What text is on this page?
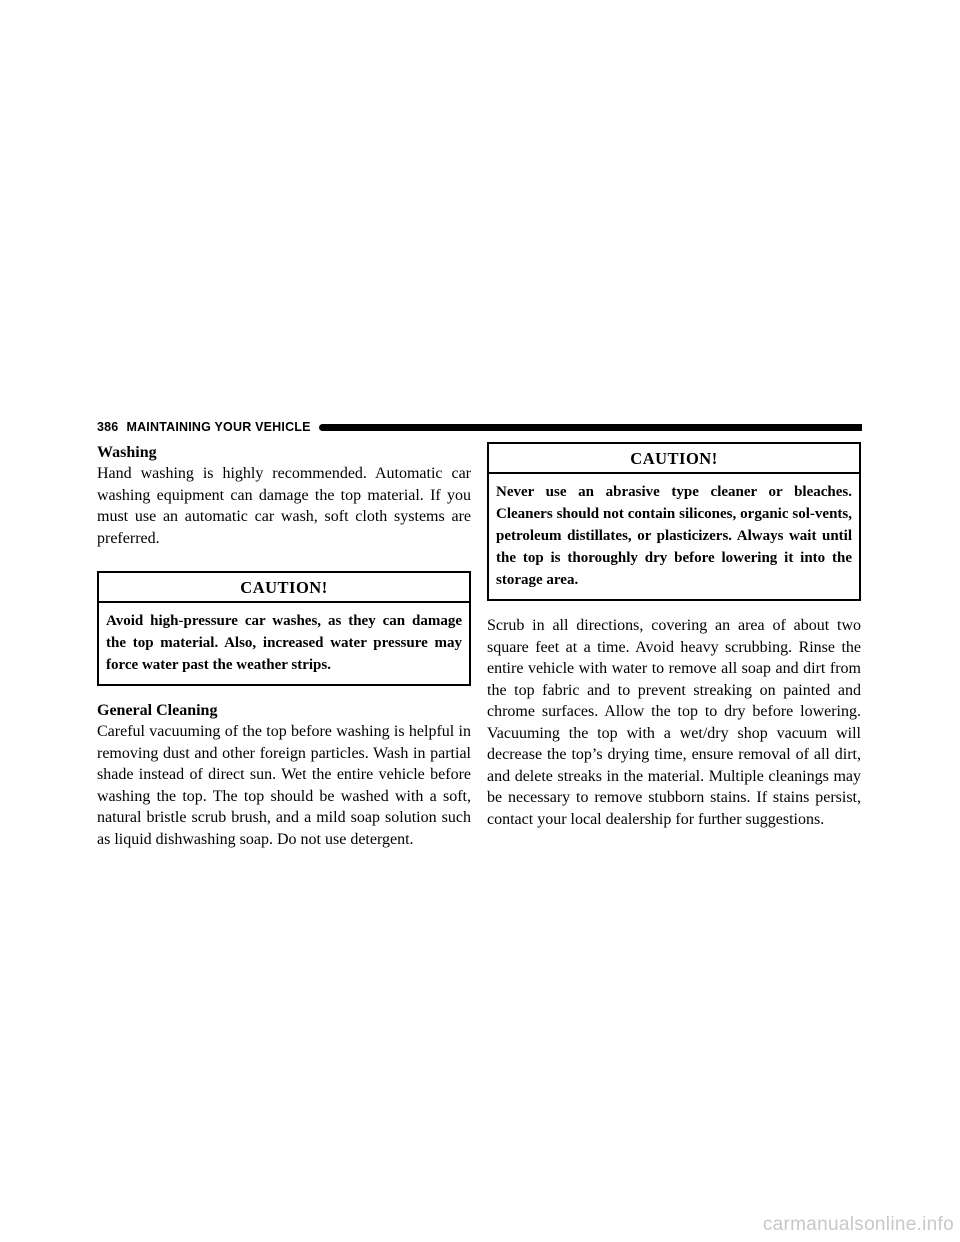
386 MAINTAINING YOUR VEHICLE
Washing

Hand washing is highly recommended. Automatic car washing equipment can damage the top material. If you must use an automatic car wash, soft cloth systems are preferred.

CAUTION!
Avoid high-pressure car washes, as they can damage the top material. Also, increased water pressure may force water past the weather strips.
General Cleaning

Careful vacuuming of the top before washing is helpful in removing dust and other foreign particles. Wash in partial shade instead of direct sun. Wet the entire vehicle before washing the top. The top should be washed with a soft, natural bristle scrub brush, and a mild soap solution such as liquid dishwashing soap. Do not use detergent.

CAUTION!
Never use an abrasive type cleaner or bleaches. Cleaners should not contain silicones, organic sol-vents, petroleum distillates, or plasticizers. Always wait until the top is thoroughly dry before lowering it into the storage area.

Scrub in all directions, covering an area of about two square feet at a time. Avoid heavy scrubbing. Rinse the entire vehicle with water to remove all soap and dirt from the top fabric and to prevent streaking on painted and chrome surfaces. Allow the top to dry before lowering. Vacuuming the top with a wet/dry shop vacuum will decrease the top’s drying time, ensure removal of all dirt, and delete streaks in the material. Multiple cleanings may be necessary to remove stubborn stains. If stains persist, contact your local dealership for further suggestions.

carmanualsonline.info
